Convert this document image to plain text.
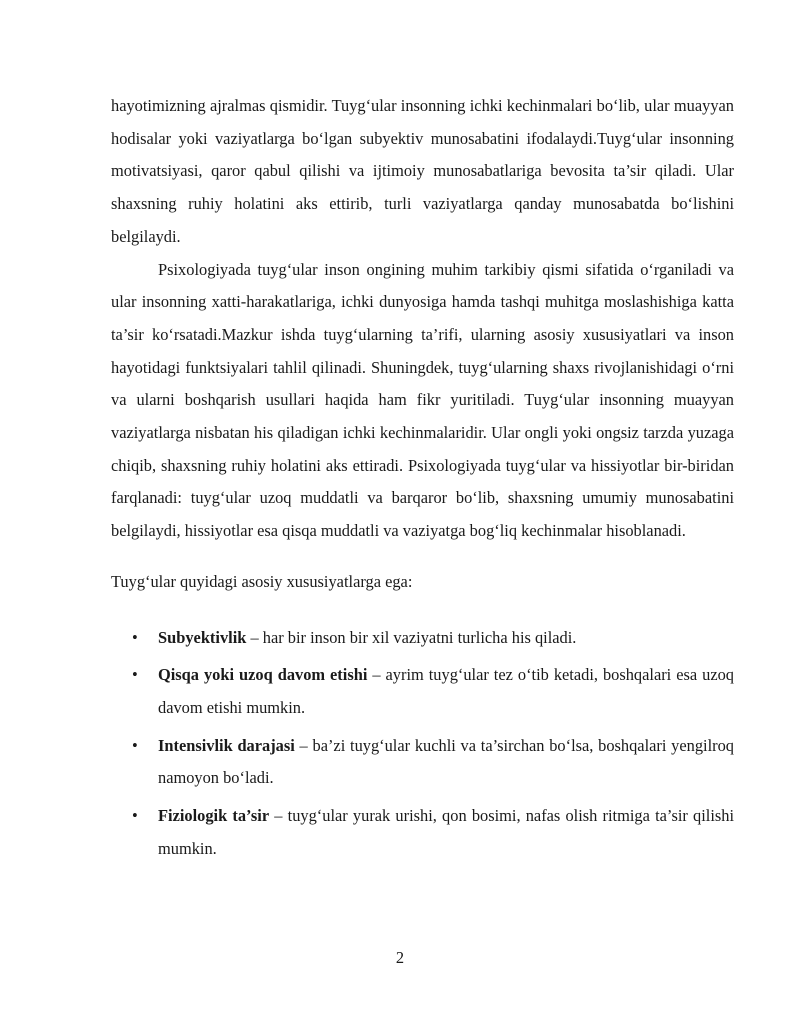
hayotimizning ajralmas qismidir. Tuyg‘ular insonning ichki kechinmalari bo‘lib, ular muayyan hodisalar yoki vaziyatlarga bo‘lgan subyektiv munosabatini ifodalaydi.Tuyg‘ular insonning motivatsiyasi, qaror qabul qilishi va ijtimoiy munosabatlariga bevosita ta’sir qiladi. Ular shaxsning ruhiy holatini aks ettirib, turli vaziyatlarga qanday munosabatda bo‘lishini belgilaydi.

Psixologiyada tuyg‘ular inson ongining muhim tarkibiy qismi sifatida o‘rganiladi va ular insonning xatti-harakatlariga, ichki dunyosiga hamda tashqi muhitga moslashishiga katta ta’sir ko‘rsatadi.Mazkur ishda tuyg‘ularning ta’rifi, ularning asosiy xususiyatlari va inson hayotidagi funktsiyalari tahlil qilinadi. Shuningdek, tuyg‘ularning shaxs rivojlanishidagi o‘rni va ularni boshqarish usullari haqida ham fikr yuritiladi. Tuyg‘ular insonning muayyan vaziyatlarga nisbatan his qiladigan ichki kechinmalaridir. Ular ongli yoki ongsiz tarzda yuzaga chiqib, shaxsning ruhiy holatini aks ettiradi. Psixologiyada tuyg‘ular va hissiyotlar bir-biridan farqlanadi: tuyg‘ular uzoq muddatli va barqaror bo‘lib, shaxsning umumiy munosabatini belgilaydi, hissiyotlar esa qisqa muddatli va vaziyatga bog‘liq kechinmalar hisoblanadi.

Tuyg‘ular quyidagi asosiy xususiyatlarga ega:

• Subyektivlik – har bir inson bir xil vaziyatni turlicha his qiladi.
• Qisqa yoki uzoq davom etishi – ayrim tuyg‘ular tez o‘tib ketadi, boshqalari esa uzoq davom etishi mumkin.
• Intensivlik darajasi – ba’zi tuyg‘ular kuchli va ta’sirchan bo‘lsa, boshqalari yengilroq namoyon bo‘ladi.
• Fiziologik ta’sir – tuyg‘ular yurak urishi, qon bosimi, nafas olish ritmiga ta’sir qilishi mumkin.
2
